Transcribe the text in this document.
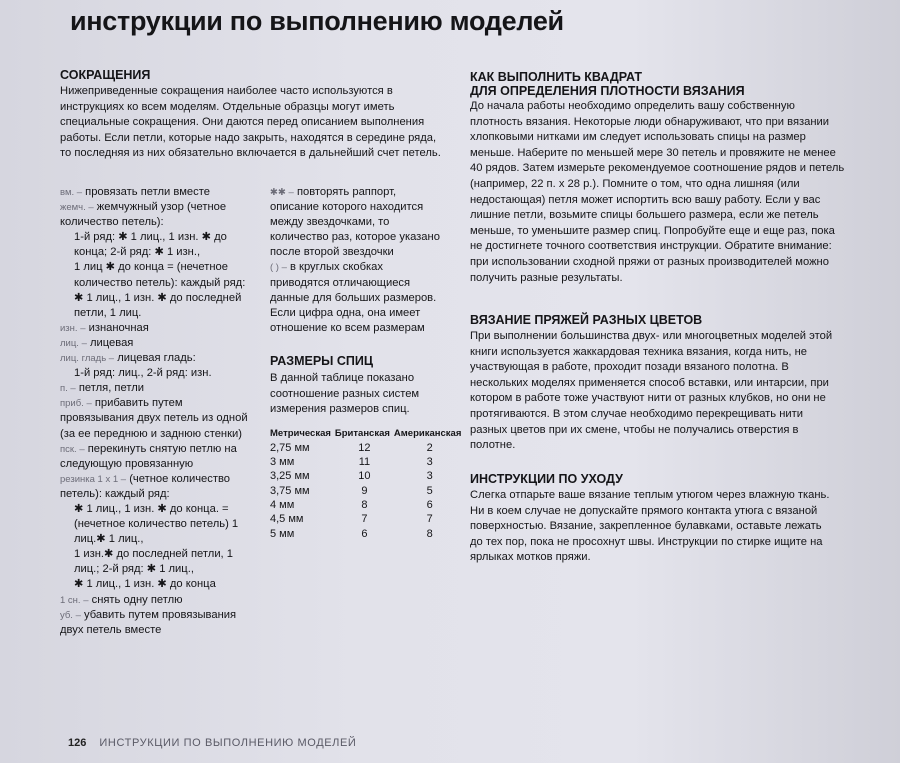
инструкции по выполнению моделей
СОКРАЩЕНИЯ

Нижеприведенные сокращения наиболее часто используются в инструкциях ко всем моделям. Отдельные образцы могут иметь специальные сокращения. Они даются перед описанием выполнения работы. Если петли, которые надо закрыть, находятся в середине ряда, то последняя из них обязательно включается в дальнейший счет петель.

вм. – провязать петли вместе
жемч. – жемчужный узор (четное количество петель):
1-й ряд: ✱ 1 лиц., 1 изн. ✱ до конца; 2-й ряд: ✱ 1 изн.,
1 лиц ✱ до конца = (нечетное количество петель): каждый ряд: ✱ 1 лиц., 1 изн. ✱ до последней петли, 1 лиц.
изн. – изнаночная
лиц. – лицевая
лиц. гладь – лицевая гладь:
1-й ряд: лиц., 2-й ряд: изн.
п. – петля, петли
приб. – прибавить путем провязывания двух петель из одной (за ее переднюю и заднюю стенки)
пск. – перекинуть снятую петлю на следующую провязанную
резинка 1 х 1 – (четное количество петель): каждый ряд:
✱ 1 лиц., 1 изн. ✱ до конца. = (нечетное количество петель) 1 лиц.✱ 1 лиц.,
1 изн.✱ до последней петли, 1 лиц.; 2-й ряд: ✱ 1 лиц.,
✱ 1 лиц., 1 изн. ✱ до конца
1 сн. – снять одну петлю
уб. – убавить путем провязывания двух петель вместе
✱✱ – повторять раппорт, описание которого находится между звездочками, то количество раз, которое указано после второй звездочки
( ) – в круглых скобках приводятся отличающиеся данные для больших размеров. Если цифра одна, она имеет отношение ко всем размерам
РАЗМЕРЫ СПИЦ

В данной таблице показано соотношение разных систем измерения размеров спиц.

Метрическая	Британская	Американская
2,75 мм	12	2
3 мм	11	3
3,25 мм	10	3
3,75 мм	9	5
4 мм	8	6
4,5 мм	7	7
5 мм	6	8
КАК ВЫПОЛНИТЬ КВАДРАТ
ДЛЯ ОПРЕДЕЛЕНИЯ ПЛОТНОСТИ ВЯЗАНИЯ

До начала работы необходимо определить вашу собственную плотность вязания. Некоторые люди обнаруживают, что при вязании хлопковыми нитками им следует использовать спицы на размер меньше. Наберите по меньшей мере 30 петель и провяжите не менее 40 рядов. Затем измерьте рекомендуемое соотношение рядов и петель (например, 22 п. х 28 р.). Помните о том, что одна лишняя (или недостающая) петля может испортить всю вашу работу. Если у вас лишние петли, возьмите спицы большего размера, если же петель меньше, то уменьшите размер спиц. Попробуйте еще и еще раз, пока не достигнете точного соответствия инструкции. Обратите внимание: при использовании сходной пряжи от разных производителей можно получить разные результаты.

ВЯЗАНИЕ ПРЯЖЕЙ РАЗНЫХ ЦВЕТОВ

При выполнении большинства двух- или многоцветных моделей этой книги используется жаккардовая техника вязания, когда нить, не участвующая в работе, проходит позади вязаного полотна. В нескольких моделях применяется способ вставки, или интарсии, при котором в работе тоже участвуют нити от разных клубков, но они не протягиваются. В этом случае необходимо перекрещивать нити разных цветов при их смене, чтобы не получались отверстия в полотне.

ИНСТРУКЦИИ ПО УХОДУ

Слегка отпарьте ваше вязание теплым утюгом через влажную ткань. Ни в коем случае не допускайте прямого контакта утюга с вязаной поверхностью. Вязание, закрепленное булавками, оставьте лежать до тех пор, пока не просохнут швы. Инструкции по стирке ищите на ярлыках мотков пряжи.

126 ИНСТРУКЦИИ ПО ВЫПОЛНЕНИЮ МОДЕЛЕЙ
